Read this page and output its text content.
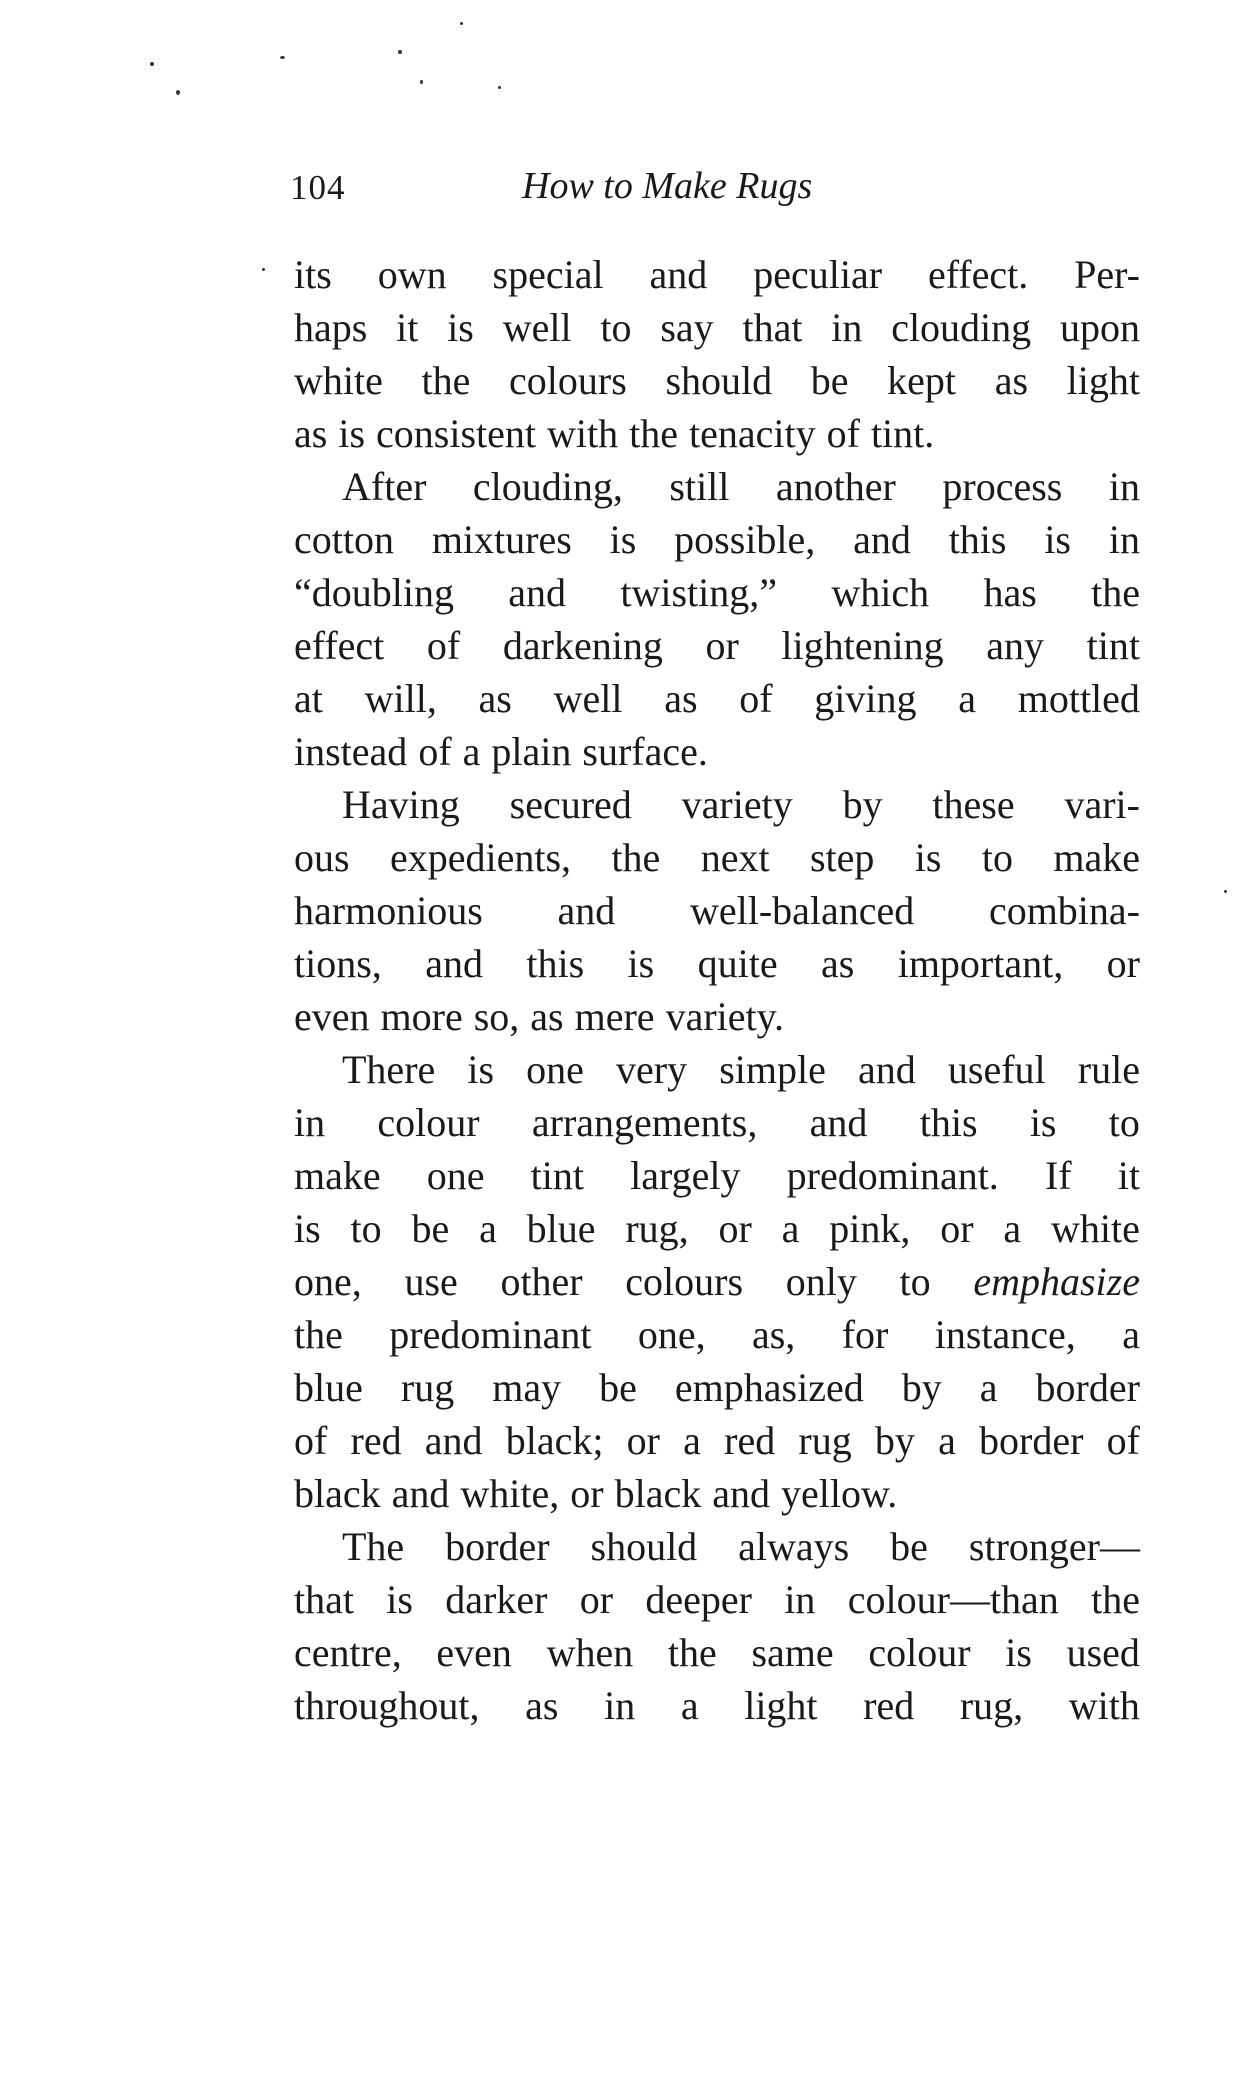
104	How to Make Rugs
its own special and peculiar effect. Per-
haps it is well to say that in clouding upon
white the colours should be kept as light
as is consistent with the tenacity of tint.
After clouding, still another process in
cotton mixtures is possible, and this is in
“doubling and twisting,” which has the
effect of darkening or lightening any tint
at will, as well as of giving a mottled
instead of a plain surface.
Having secured variety by these vari-
ous expedients, the next step is to make
harmonious and well-balanced combina-
tions, and this is quite as important, or
even more so, as mere variety.
There is one very simple and useful rule
in colour arrangements, and this is to
make one tint largely predominant. If it
is to be a blue rug, or a pink, or a white
one, use other colours only to emphasize
the predominant one, as, for instance, a
blue rug may be emphasized by a border
of red and black; or a red rug by a border of
black and white, or black and yellow.
The border should always be stronger—
that is darker or deeper in colour—than the
centre, even when the same colour is used
throughout, as in a light red rug, with
